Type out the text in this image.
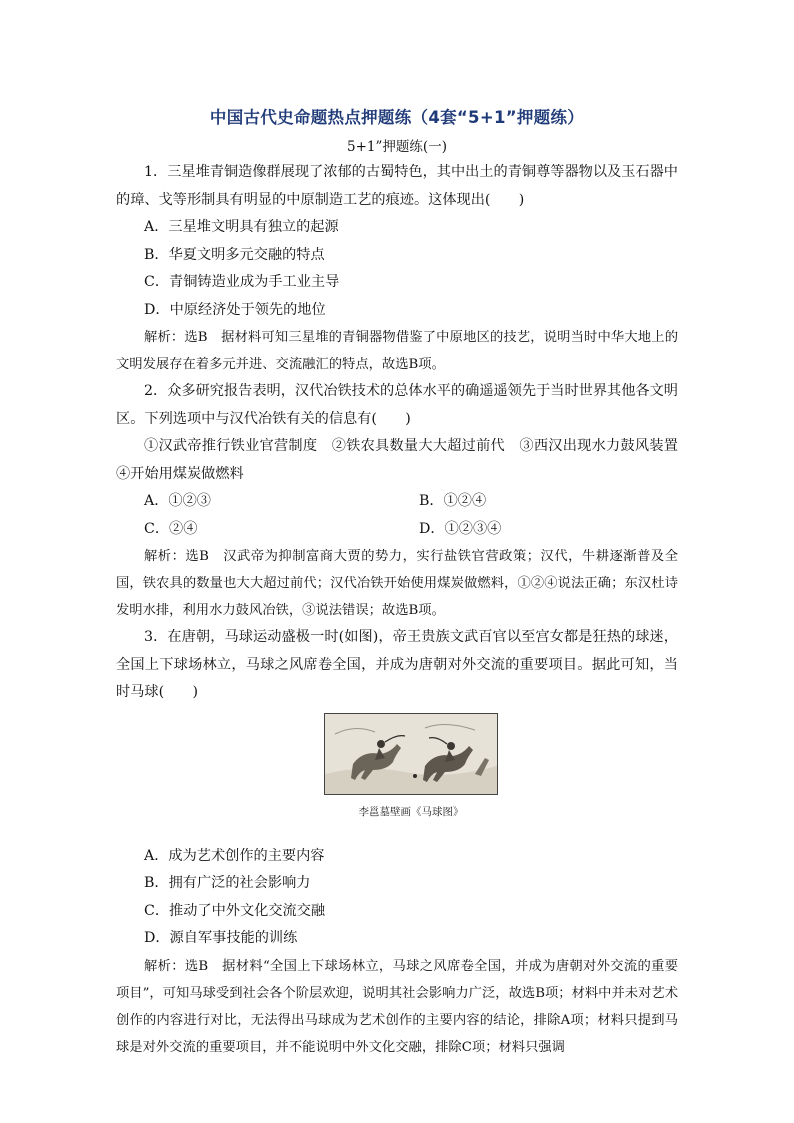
中国古代史命题热点押题练（4套“5+1”押题练）
5+1”押题练(一)

1．三星堆青铜造像群展现了浓郁的古蜀特色，其中出土的青铜尊等器物以及玉石器中的璋、戈等形制具有明显的中原制造工艺的痕迹。这体现出(　　)

A．三星堆文明具有独立的起源

B．华夏文明多元交融的特点

C．青铜铸造业成为手工业主导

D．中原经济处于领先的地位

解析：选B　据材料可知三星堆的青铜器物借鉴了中原地区的技艺，说明当时中华大地上的文明发展存在着多元并进、交流融汇的特点，故选B项。

2．众多研究报告表明，汉代冶铁技术的总体水平的确遥遥领先于当时世界其他各文明区。下列选项中与汉代冶铁有关的信息有(　　)

①汉武帝推行铁业官营制度　②铁农具数量大大超过前代　③西汉出现水力鼓风装置　④开始用煤炭做燃料

A．①②③	B．①②④
C．②④	D．①②③④

解析：选B　汉武帝为抑制富商大贾的势力，实行盐铁官营政策；汉代，牛耕逐渐普及全国，铁农具的数量也大大超过前代；汉代冶铁开始使用煤炭做燃料，①②④说法正确；东汉杜诗发明水排，利用水力鼓风冶铁，③说法错误；故选B项。

3．在唐朝，马球运动盛极一时(如图)，帝王贵族文武百官以至宫女都是狂热的球迷，全国上下球场林立，马球之风席卷全国，并成为唐朝对外交流的重要项目。据此可知，当时马球(　　)

李邕墓壁画《马球图》

A．成为艺术创作的主要内容

B．拥有广泛的社会影响力

C．推动了中外文化交流交融

D．源自军事技能的训练

解析：选B　据材料“全国上下球场林立，马球之风席卷全国，并成为唐朝对外交流的重要项目”，可知马球受到社会各个阶层欢迎，说明其社会影响力广泛，故选B项；材料中并未对艺术创作的内容进行对比，无法得出马球成为艺术创作的主要内容的结论，排除A项；材料只提到马球是对外交流的重要项目，并不能说明中外文化交融，排除C项；材料只强调
